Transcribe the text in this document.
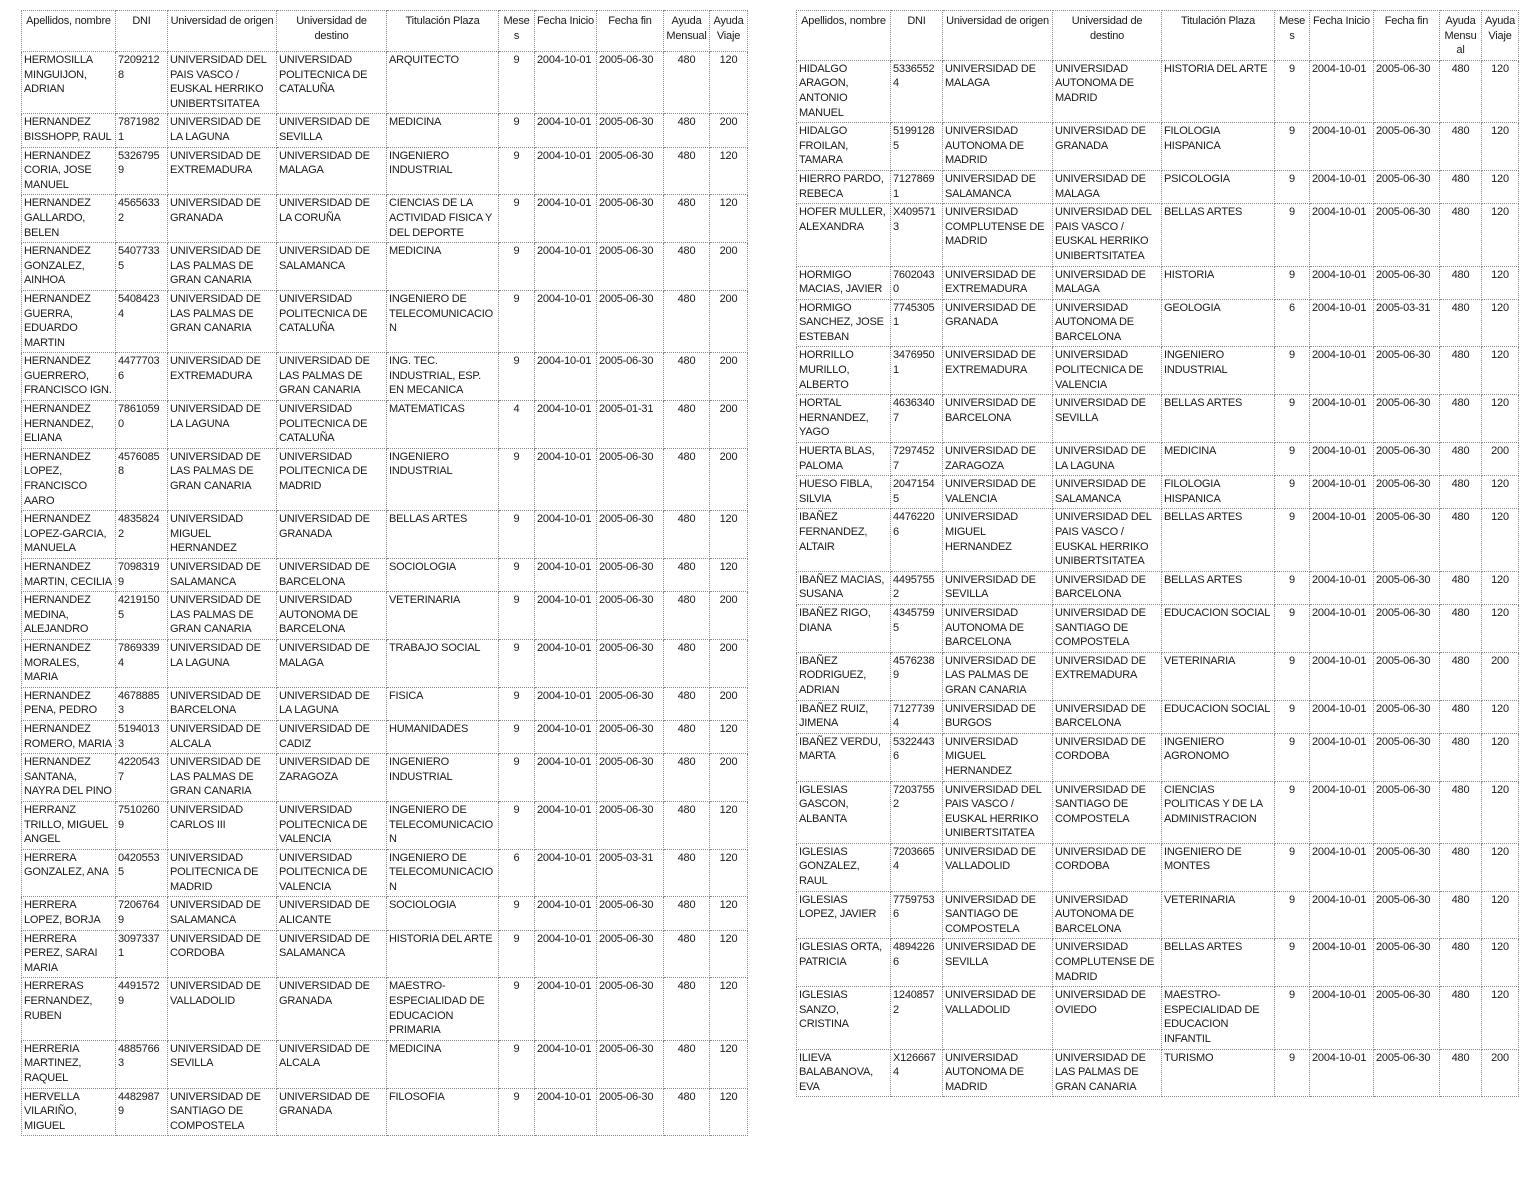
Apellidos, nombre	DNI	Universidad de origen	Universidad de destino	Titulación Plaza	Meses	Fecha Inicio	Fecha fin	Ayuda Mensual	Ayuda Viaje
HERMOSILLA MINGUIJON, ADRIAN	72092128	UNIVERSIDAD DEL PAIS VASCO / EUSKAL HERRIKO UNIBERTSITATEA	UNIVERSIDAD POLITECNICA DE CATALUÑA	ARQUITECTO	9	2004-10-01	2005-06-30	480	120
HERNANDEZ BISSHOPP, RAUL	78719821	UNIVERSIDAD DE LA LAGUNA	UNIVERSIDAD DE SEVILLA	MEDICINA	9	2004-10-01	2005-06-30	480	200
HERNANDEZ CORIA, JOSE MANUEL	53267959	UNIVERSIDAD DE EXTREMADURA	UNIVERSIDAD DE MALAGA	INGENIERO INDUSTRIAL	9	2004-10-01	2005-06-30	480	120
HERNANDEZ GALLARDO, BELEN	45656332	UNIVERSIDAD DE GRANADA	UNIVERSIDAD DE LA CORUÑA	CIENCIAS DE LA ACTIVIDAD FISICA Y DEL DEPORTE	9	2004-10-01	2005-06-30	480	120
HERNANDEZ GONZALEZ, AINHOA	54077335	UNIVERSIDAD DE LAS PALMAS DE GRAN CANARIA	UNIVERSIDAD DE SALAMANCA	MEDICINA	9	2004-10-01	2005-06-30	480	200
HERNANDEZ GUERRA, EDUARDO MARTIN	54084234	UNIVERSIDAD DE LAS PALMAS DE GRAN CANARIA	UNIVERSIDAD POLITECNICA DE CATALUÑA	INGENIERO DE TELECOMUNICACION	9	2004-10-01	2005-06-30	480	200
HERNANDEZ GUERRERO, FRANCISCO IGN.	44777036	UNIVERSIDAD DE EXTREMADURA	UNIVERSIDAD DE LAS PALMAS DE GRAN CANARIA	ING. TEC. INDUSTRIAL, ESP. EN MECANICA	9	2004-10-01	2005-06-30	480	200
HERNANDEZ HERNANDEZ, ELIANA	78610590	UNIVERSIDAD DE LA LAGUNA	UNIVERSIDAD POLITECNICA DE CATALUÑA	MATEMATICAS	4	2004-10-01	2005-01-31	480	200
HERNANDEZ LOPEZ, FRANCISCO AARO	45760858	UNIVERSIDAD DE LAS PALMAS DE GRAN CANARIA	UNIVERSIDAD POLITECNICA DE MADRID	INGENIERO INDUSTRIAL	9	2004-10-01	2005-06-30	480	200
HERNANDEZ LOPEZ-GARCIA, MANUELA	48358242	UNIVERSIDAD MIGUEL HERNANDEZ	UNIVERSIDAD DE GRANADA	BELLAS ARTES	9	2004-10-01	2005-06-30	480	120
HERNANDEZ MARTIN, CECILIA	70983199	UNIVERSIDAD DE SALAMANCA	UNIVERSIDAD DE BARCELONA	SOCIOLOGIA	9	2004-10-01	2005-06-30	480	120
HERNANDEZ MEDINA, ALEJANDRO	42191505	UNIVERSIDAD DE LAS PALMAS DE GRAN CANARIA	UNIVERSIDAD AUTONOMA DE BARCELONA	VETERINARIA	9	2004-10-01	2005-06-30	480	200
HERNANDEZ MORALES, MARIA	78693394	UNIVERSIDAD DE LA LAGUNA	UNIVERSIDAD DE MALAGA	TRABAJO SOCIAL	9	2004-10-01	2005-06-30	480	200
HERNANDEZ PENA, PEDRO	46788853	UNIVERSIDAD DE BARCELONA	UNIVERSIDAD DE LA LAGUNA	FISICA	9	2004-10-01	2005-06-30	480	200
HERNANDEZ ROMERO, MARIA	51940133	UNIVERSIDAD DE ALCALA	UNIVERSIDAD DE CADIZ	HUMANIDADES	9	2004-10-01	2005-06-30	480	120
HERNANDEZ SANTANA, NAYRA DEL PINO	42205437	UNIVERSIDAD DE LAS PALMAS DE GRAN CANARIA	UNIVERSIDAD DE ZARAGOZA	INGENIERO INDUSTRIAL	9	2004-10-01	2005-06-30	480	200
HERRANZ TRILLO, MIGUEL ANGEL	75102609	UNIVERSIDAD CARLOS III	UNIVERSIDAD POLITECNICA DE VALENCIA	INGENIERO DE TELECOMUNICACION	9	2004-10-01	2005-06-30	480	120
HERRERA GONZALEZ, ANA	04205535	UNIVERSIDAD POLITECNICA DE MADRID	UNIVERSIDAD POLITECNICA DE VALENCIA	INGENIERO DE TELECOMUNICACION	6	2004-10-01	2005-03-31	480	120
HERRERA LOPEZ, BORJA	72067649	UNIVERSIDAD DE SALAMANCA	UNIVERSIDAD DE ALICANTE	SOCIOLOGIA	9	2004-10-01	2005-06-30	480	120
HERRERA PEREZ, SARAI MARIA	30973371	UNIVERSIDAD DE CORDOBA	UNIVERSIDAD DE SALAMANCA	HISTORIA DEL ARTE	9	2004-10-01	2005-06-30	480	120
HERRERAS FERNANDEZ, RUBEN	44915729	UNIVERSIDAD DE VALLADOLID	UNIVERSIDAD DE GRANADA	MAESTRO-ESPECIALIDAD DE EDUCACION PRIMARIA	9	2004-10-01	2005-06-30	480	120
HERRERIA MARTINEZ, RAQUEL	48857663	UNIVERSIDAD DE SEVILLA	UNIVERSIDAD DE ALCALA	MEDICINA	9	2004-10-01	2005-06-30	480	120
HERVELLA VILARIÑO, MIGUEL	44829879	UNIVERSIDAD DE SANTIAGO DE COMPOSTELA	UNIVERSIDAD DE GRANADA	FILOSOFIA	9	2004-10-01	2005-06-30	480	120
Apellidos, nombre	DNI	Universidad de origen	Universidad de destino	Titulación Plaza	Meses	Fecha Inicio	Fecha fin	Ayuda Mensual	Ayuda Viaje
HIDALGO ARAGON, ANTONIO MANUEL	53365524	UNIVERSIDAD DE MALAGA	UNIVERSIDAD AUTONOMA DE MADRID	HISTORIA DEL ARTE	9	2004-10-01	2005-06-30	480	120
HIDALGO FROILAN, TAMARA	51991285	UNIVERSIDAD AUTONOMA DE MADRID	UNIVERSIDAD DE GRANADA	FILOLOGIA HISPANICA	9	2004-10-01	2005-06-30	480	120
HIERRO PARDO, REBECA	71278691	UNIVERSIDAD DE SALAMANCA	UNIVERSIDAD DE MALAGA	PSICOLOGIA	9	2004-10-01	2005-06-30	480	120
HOFER MULLER, ALEXANDRA	X4095713	UNIVERSIDAD COMPLUTENSE DE MADRID	UNIVERSIDAD DEL PAIS VASCO / EUSKAL HERRIKO UNIBERTSITATEA	BELLAS ARTES	9	2004-10-01	2005-06-30	480	120
HORMIGO MACIAS, JAVIER	76020430	UNIVERSIDAD DE EXTREMADURA	UNIVERSIDAD DE MALAGA	HISTORIA	9	2004-10-01	2005-06-30	480	120
HORMIGO SANCHEZ, JOSE ESTEBAN	77453051	UNIVERSIDAD DE GRANADA	UNIVERSIDAD AUTONOMA DE BARCELONA	GEOLOGIA	6	2004-10-01	2005-03-31	480	120
HORRILLO MURILLO, ALBERTO	34769501	UNIVERSIDAD DE EXTREMADURA	UNIVERSIDAD POLITECNICA DE VALENCIA	INGENIERO INDUSTRIAL	9	2004-10-01	2005-06-30	480	120
HORTAL HERNANDEZ, YAGO	46363407	UNIVERSIDAD DE BARCELONA	UNIVERSIDAD DE SEVILLA	BELLAS ARTES	9	2004-10-01	2005-06-30	480	120
HUERTA BLAS, PALOMA	72974527	UNIVERSIDAD DE ZARAGOZA	UNIVERSIDAD DE LA LAGUNA	MEDICINA	9	2004-10-01	2005-06-30	480	200
HUESO FIBLA, SILVIA	20471545	UNIVERSIDAD DE VALENCIA	UNIVERSIDAD DE SALAMANCA	FILOLOGIA HISPANICA	9	2004-10-01	2005-06-30	480	120
IBAÑEZ FERNANDEZ, ALTAIR	44762206	UNIVERSIDAD MIGUEL HERNANDEZ	UNIVERSIDAD DEL PAIS VASCO / EUSKAL HERRIKO UNIBERTSITATEA	BELLAS ARTES	9	2004-10-01	2005-06-30	480	120
IBAÑEZ MACIAS, SUSANA	44957552	UNIVERSIDAD DE SEVILLA	UNIVERSIDAD DE BARCELONA	BELLAS ARTES	9	2004-10-01	2005-06-30	480	120
IBAÑEZ RIGO, DIANA	43457595	UNIVERSIDAD AUTONOMA DE BARCELONA	UNIVERSIDAD DE SANTIAGO DE COMPOSTELA	EDUCACION SOCIAL	9	2004-10-01	2005-06-30	480	120
IBAÑEZ RODRIGUEZ, ADRIAN	45762389	UNIVERSIDAD DE LAS PALMAS DE GRAN CANARIA	UNIVERSIDAD DE EXTREMADURA	VETERINARIA	9	2004-10-01	2005-06-30	480	200
IBAÑEZ RUIZ, JIMENA	71277394	UNIVERSIDAD DE BURGOS	UNIVERSIDAD DE BARCELONA	EDUCACION SOCIAL	9	2004-10-01	2005-06-30	480	120
IBAÑEZ VERDU, MARTA	53224436	UNIVERSIDAD MIGUEL HERNANDEZ	UNIVERSIDAD DE CORDOBA	INGENIERO AGRONOMO	9	2004-10-01	2005-06-30	480	120
IGLESIAS GASCON, ALBANTA	72037552	UNIVERSIDAD DEL PAIS VASCO / EUSKAL HERRIKO UNIBERTSITATEA	UNIVERSIDAD DE SANTIAGO DE COMPOSTELA	CIENCIAS POLITICAS Y DE LA ADMINISTRACION	9	2004-10-01	2005-06-30	480	120
IGLESIAS GONZALEZ, RAUL	72036654	UNIVERSIDAD DE VALLADOLID	UNIVERSIDAD DE CORDOBA	INGENIERO DE MONTES	9	2004-10-01	2005-06-30	480	120
IGLESIAS LOPEZ, JAVIER	77597536	UNIVERSIDAD DE SANTIAGO DE COMPOSTELA	UNIVERSIDAD AUTONOMA DE BARCELONA	VETERINARIA	9	2004-10-01	2005-06-30	480	120
IGLESIAS ORTA, PATRICIA	48942266	UNIVERSIDAD DE SEVILLA	UNIVERSIDAD COMPLUTENSE DE MADRID	BELLAS ARTES	9	2004-10-01	2005-06-30	480	120
IGLESIAS SANZO, CRISTINA	12408572	UNIVERSIDAD DE VALLADOLID	UNIVERSIDAD DE OVIEDO	MAESTRO-ESPECIALIDAD DE EDUCACION INFANTIL	9	2004-10-01	2005-06-30	480	120
ILIEVA BALABANOVA, EVA	X1266674	UNIVERSIDAD AUTONOMA DE MADRID	UNIVERSIDAD DE LAS PALMAS DE GRAN CANARIA	TURISMO	9	2004-10-01	2005-06-30	480	200
